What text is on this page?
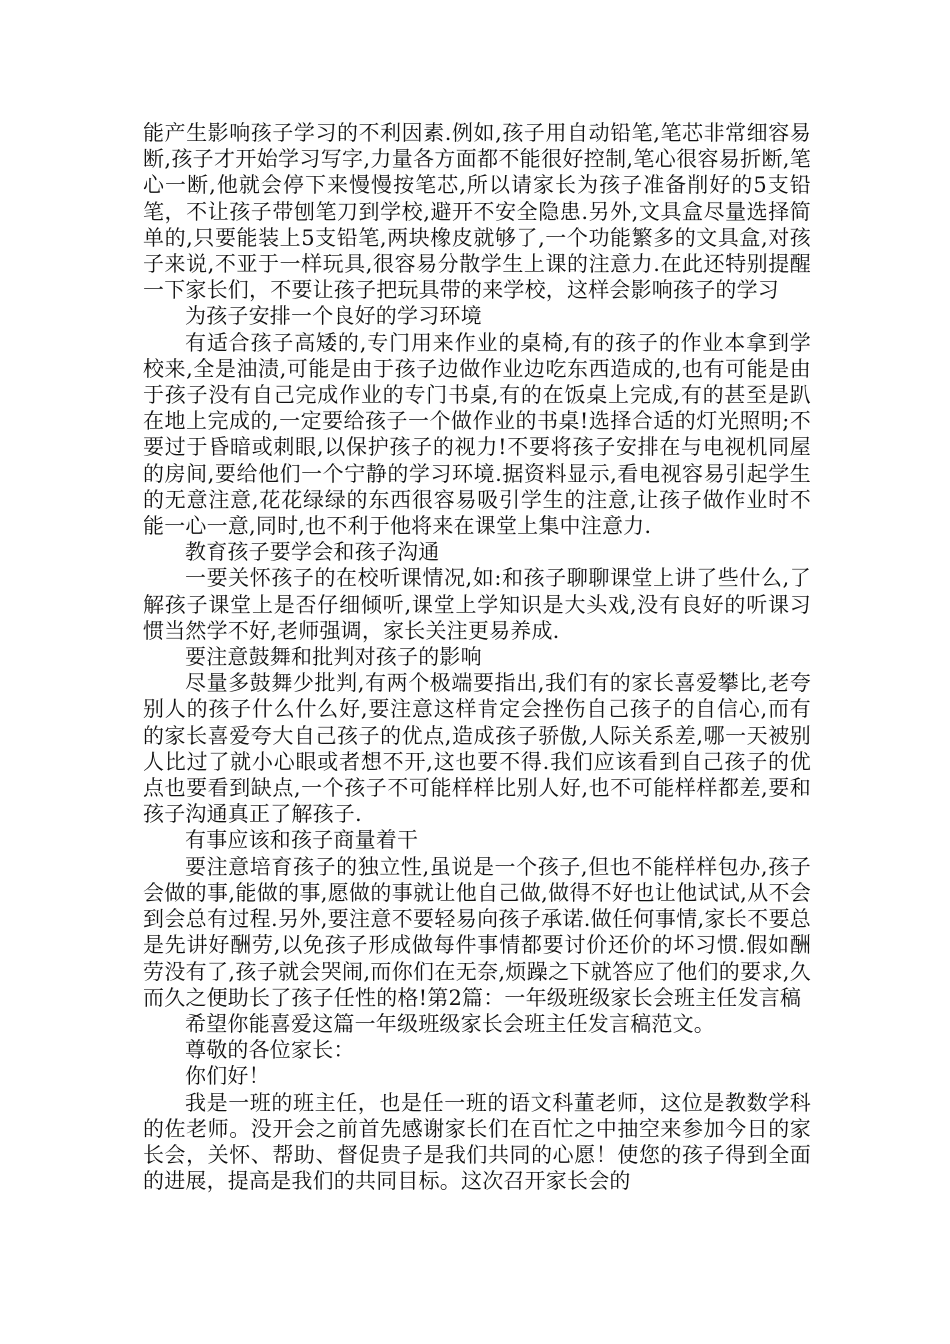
能产生影响孩子学习的不利因素.例如,孩子用自动铅笔,笔芯非常细容易断,孩子才开始学习写字,力量各方面都不能很好控制,笔心很容易折断,笔心一断,他就会停下来慢慢按笔芯,所以请家长为孩子准备削好的5支铅笔，不让孩子带刨笔刀到学校,避开不安全隐患.另外,文具盒尽量选择简单的,只要能装上5支铅笔,两块橡皮就够了,一个功能繁多的文具盒,对孩子来说,不亚于一样玩具,很容易分散学生上课的注意力.在此还特别提醒一下家长们，不要让孩子把玩具带的来学校，这样会影响孩子的学习

为孩子安排一个良好的学习环境

有适合孩子高矮的,专门用来作业的桌椅,有的孩子的作业本拿到学校来,全是油渍,可能是由于孩子边做作业边吃东西造成的,也有可能是由于孩子没有自己完成作业的专门书桌,有的在饭桌上完成,有的甚至是趴在地上完成的,一定要给孩子一个做作业的书桌!选择合适的灯光照明;不要过于昏暗或刺眼,以保护孩子的视力!不要将孩子安排在与电视机同屋的房间,要给他们一个宁静的学习环境.据资料显示,看电视容易引起学生的无意注意,花花绿绿的东西很容易吸引学生的注意,让孩子做作业时不能一心一意,同时,也不利于他将来在课堂上集中注意力.

教育孩子要学会和孩子沟通

一要关怀孩子的在校听课情况,如:和孩子聊聊课堂上讲了些什么,了解孩子课堂上是否仔细倾听,课堂上学知识是大头戏,没有良好的听课习惯当然学不好,老师强调，家长关注更易养成.

要注意鼓舞和批判对孩子的影响

尽量多鼓舞少批判,有两个极端要指出,我们有的家长喜爱攀比,老夸别人的孩子什么什么好,要注意这样肯定会挫伤自己孩子的自信心,而有的家长喜爱夸大自己孩子的优点,造成孩子骄傲,人际关系差,哪一天被别人比过了就小心眼或者想不开,这也要不得.我们应该看到自己孩子的优点也要看到缺点,一个孩子不可能样样比别人好,也不可能样样都差,要和孩子沟通真正了解孩子.

有事应该和孩子商量着干

要注意培育孩子的独立性,虽说是一个孩子,但也不能样样包办,孩子会做的事,能做的事,愿做的事就让他自己做,做得不好也让他试试,从不会到会总有过程.另外,要注意不要轻易向孩子承诺.做任何事情,家长不要总是先讲好酬劳,以免孩子形成做每件事情都要讨价还价的坏习惯.假如酬劳没有了,孩子就会哭闹,而你们在无奈,烦躁之下就答应了他们的要求,久而久之便助长了孩子任性的格!第2篇：一年级班级家长会班主任发言稿

希望你能喜爱这篇一年级班级家长会班主任发言稿范文。

尊敬的各位家长：

你们好！

我是一班的班主任，也是任一班的语文科董老师，这位是教数学科的佐老师。没开会之前首先感谢家长们在百忙之中抽空来参加今日的家长会，关怀、帮助、督促贵子是我们共同的心愿！使您的孩子得到全面的进展，提高是我们的共同目标。这次召开家长会的
